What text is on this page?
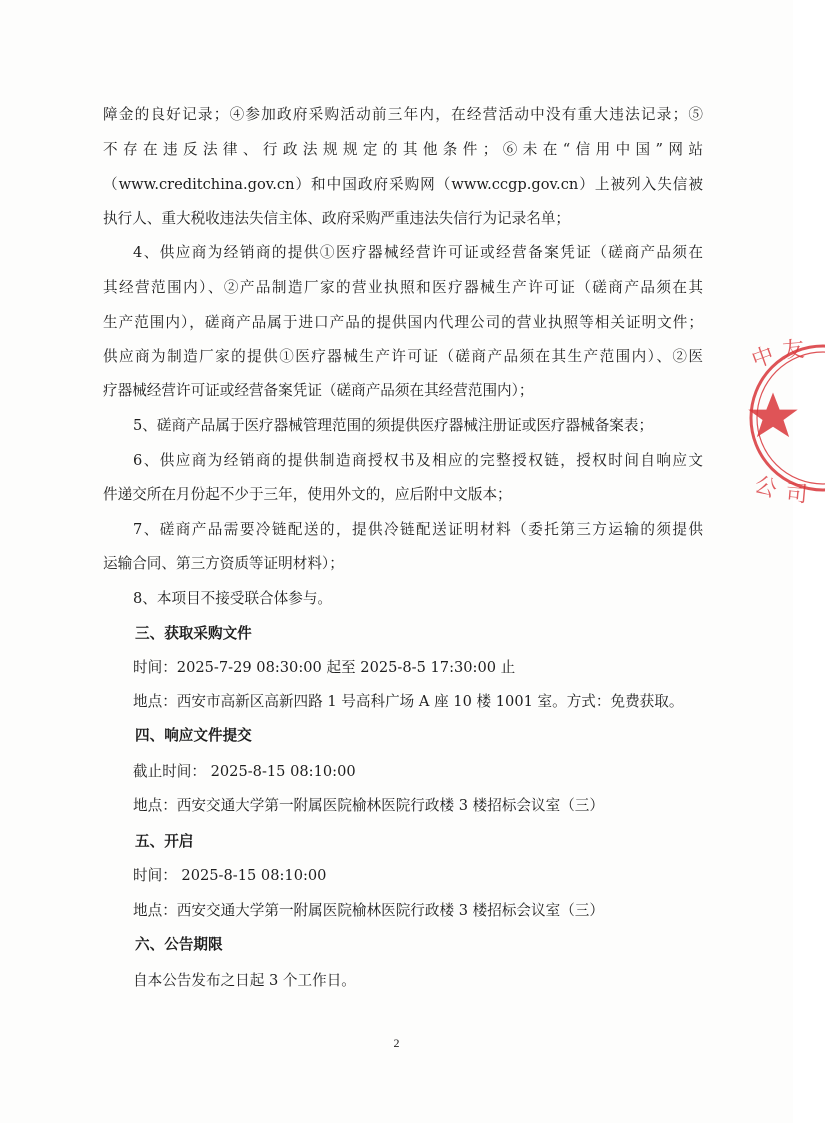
障金的良好记录；④参加政府采购活动前三年内，在经营活动中没有重大违法记录；⑤
不存在违反法律、行政法规规定的其他条件；⑥未在“信用中国”网站
（www.creditchina.gov.cn）和中国政府采购网（www.ccgp.gov.cn）上被列入失信被
执行人、重大税收违法失信主体、政府采购严重违法失信行为记录名单；
4、供应商为经销商的提供①医疗器械经营许可证或经营备案凭证（磋商产品须在
其经营范围内）、②产品制造厂家的营业执照和医疗器械生产许可证（磋商产品须在其
生产范围内），磋商产品属于进口产品的提供国内代理公司的营业执照等相关证明文件；
供应商为制造厂家的提供①医疗器械生产许可证（磋商产品须在其生产范围内）、②医
疗器械经营许可证或经营备案凭证（磋商产品须在其经营范围内）；
5、磋商产品属于医疗器械管理范围的须提供医疗器械注册证或医疗器械备案表；
6、供应商为经销商的提供制造商授权书及相应的完整授权链，授权时间自响应文
件递交所在月份起不少于三年，使用外文的，应后附中文版本；
7、磋商产品需要冷链配送的，提供冷链配送证明材料（委托第三方运输的须提供
运输合同、第三方资质等证明材料）；
8、本项目不接受联合体参与。
三、获取采购文件
时间：2025-7-29 08:30:00 起至 2025-8-5 17:30:00 止
地点：西安市高新区高新四路 1 号高科广场 A 座 10 楼 1001 室。方式：免费获取。
四、响应文件提交
截止时间： 2025-8-15 08:10:00
地点：西安交通大学第一附属医院榆林医院行政楼 3 楼招标会议室（三）
五、开启
时间： 2025-8-15 08:10:00
地点：西安交通大学第一附属医院榆林医院行政楼 3 楼招标会议室（三）
六、公告期限
自本公告发布之日起 3 个工作日。
2
中 友
公 司
